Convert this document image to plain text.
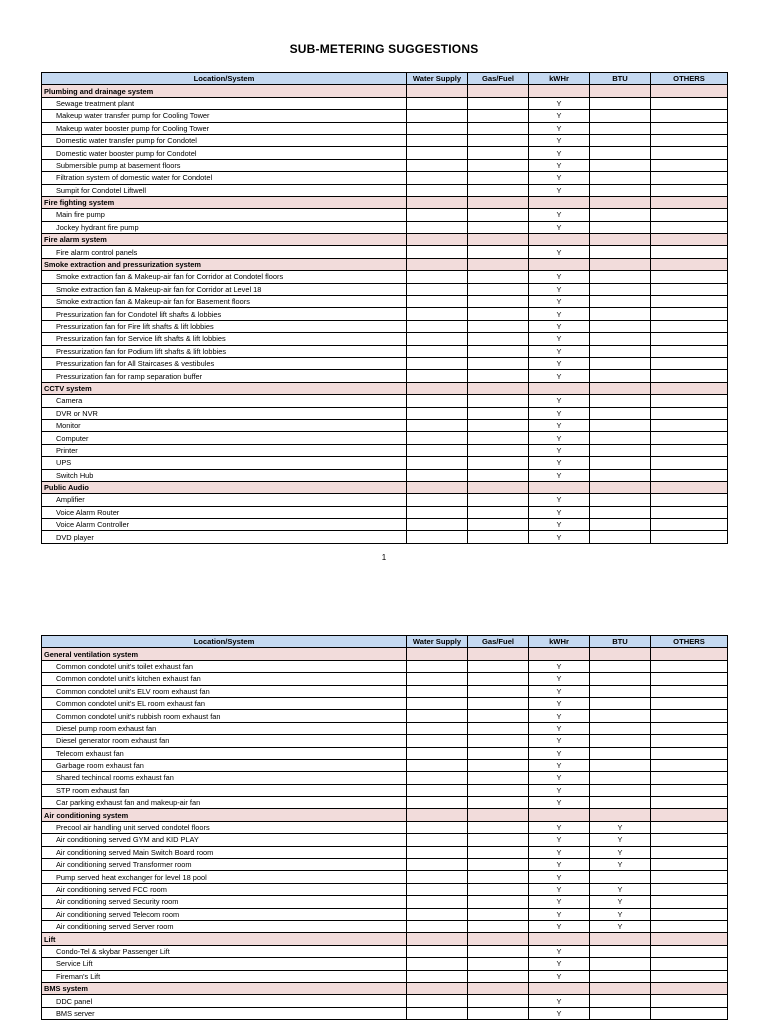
SUB-METERING SUGGESTIONS
Location/System	Water Supply	Gas/Fuel	kWHr	BTU	OTHERS
Plumbing and drainage system					
Sewage treatment plant			Y		
Makeup water transfer pump for Cooling Tower			Y		
Makeup water booster pump for Cooling Tower			Y		
Domestic water transfer pump for Condotel			Y		
Domestic water booster pump for Condotel			Y		
Submersible pump at basement floors			Y		
Filtration system of domestic water for Condotel			Y		
Sumpit for Condotel Liftwell			Y		
Fire fighting system					
Main fire pump			Y		
Jockey hydrant fire pump			Y		
Fire alarm system					
Fire alarm control panels			Y		
Smoke extraction and pressurization system					
Smoke extraction fan & Makeup-air fan for Corridor at Condotel floors			Y		
Smoke extraction fan & Makeup-air fan for Corridor at Level 18			Y		
Smoke extraction fan & Makeup-air fan for Basement floors			Y		
Pressurization fan for Condotel lift shafts & lobbies			Y		
Pressurization fan for Fire lift shafts & lift lobbies			Y		
Pressurization fan for Service lift shafts & lift lobbies			Y		
Pressurization fan for Podium lift shafts & lift lobbies			Y		
Pressurization fan for All Staircases & vestibules			Y		
Pressurization fan for ramp separation buffer			Y		
CCTV system					
Camera			Y		
DVR or NVR			Y		
Monitor			Y		
Computer			Y		
Printer			Y		
UPS			Y		
Switch Hub			Y		
Public Audio					
Amplifier			Y		
Voice Alarm Router			Y		
Voice Alarm Controller			Y		
DVD player			Y		
1
Location/System	Water Supply	Gas/Fuel	kWHr	BTU	OTHERS
General ventilation system					
Common condotel unit's toilet exhaust fan			Y		
Common condotel unit's kitchen exhaust fan			Y		
Common condotel unit's ELV room exhaust fan			Y		
Common condotel unit's EL room exhaust fan			Y		
Common condotel unit's rubbish room exhaust fan			Y		
Diesel pump room exhaust fan			Y		
Diesel generator room exhaust fan			Y		
Telecom exhaust fan			Y		
Garbage room exhaust fan			Y		
Shared techincal rooms exhaust fan			Y		
STP room exhaust fan			Y		
Car parking exhaust fan and makeup-air fan			Y		
Air conditioning system					
Precool air handling unit served condotel floors			Y	Y	
Air conditioning served GYM and KID PLAY			Y	Y	
Air conditioning served Main Switch Board room			Y	Y	
Air conditioning served Transformer room			Y	Y	
Pump served heat exchanger for level 18 pool			Y		
Air conditioning served FCC room			Y	Y	
Air conditioning served Security room			Y	Y	
Air conditioning served Telecom room			Y	Y	
Air conditioning served Server room			Y	Y	
Lift					
Condo-Tel & skybar Passenger Lift			Y		
Service Lift			Y		
Fireman's Lift			Y		
BMS system					
DDC panel			Y		
BMS server			Y		
